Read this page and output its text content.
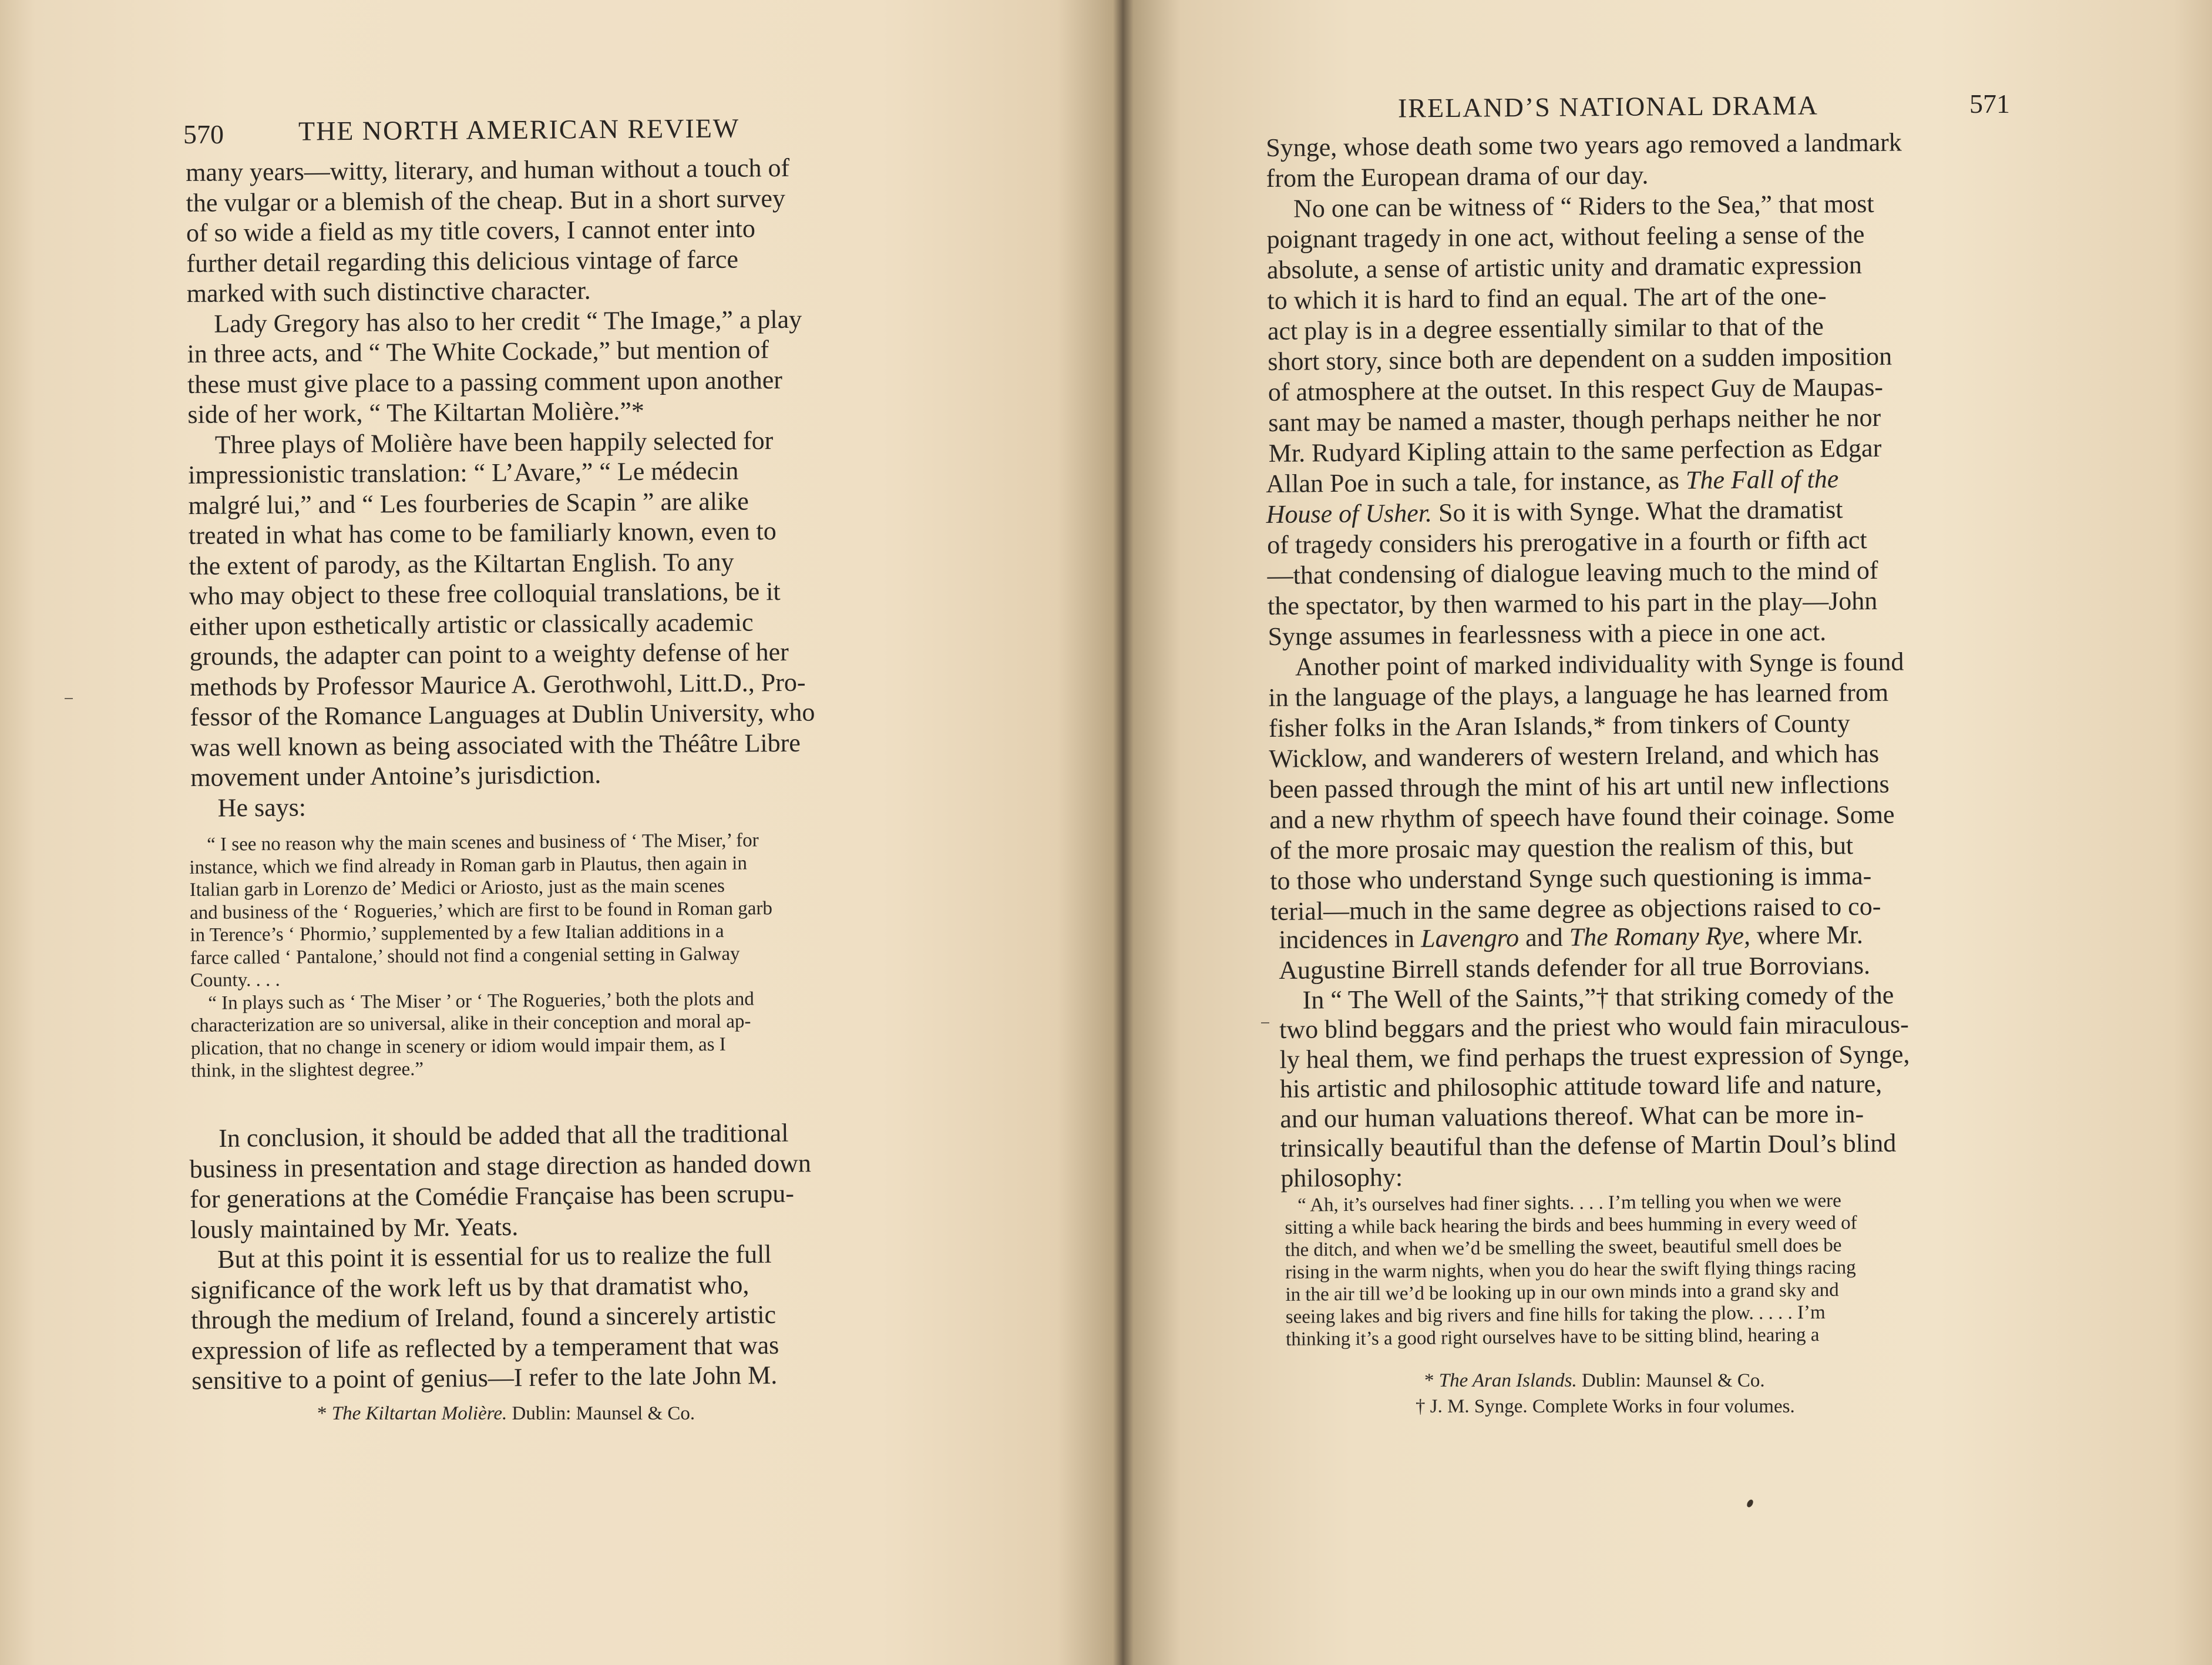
570	THE NORTH AMERICAN REVIEW
many years—witty, literary, and human without a touch of
the vulgar or a blemish of the cheap. But in a short survey
of so wide a field as my title covers, I cannot enter into
further detail regarding this delicious vintage of farce
marked with such distinctive character.
Lady Gregory has also to her credit “ The Image,” a play
in three acts, and “ The White Cockade,” but mention of
these must give place to a passing comment upon another
side of her work, “ The Kiltartan Molière.”*
Three plays of Molière have been happily selected for
impressionistic translation: “ L’Avare,” “ Le médecin
malgré lui,” and “ Les fourberies de Scapin ” are alike
treated in what has come to be familiarly known, even to
the extent of parody, as the Kiltartan English. To any
who may object to these free colloquial translations, be it
either upon esthetically artistic or classically academic
grounds, the adapter can point to a weighty defense of her
methods by Professor Maurice A. Gerothwohl, Litt.D., Pro-
fessor of the Romance Languages at Dublin University, who
was well known as being associated with the Théâtre Libre
movement under Antoine’s jurisdiction.
He says:
“ I see no reason why the main scenes and business of ‘ The Miser,’ for
instance, which we find already in Roman garb in Plautus, then again in
Italian garb in Lorenzo de’ Medici or Ariosto, just as the main scenes
and business of the ‘ Rogueries,’ which are first to be found in Roman garb
in Terence’s ‘ Phormio,’ supplemented by a few Italian additions in a
farce called ‘ Pantalone,’ should not find a congenial setting in Galway
County. . . .
“ In plays such as ‘ The Miser ’ or ‘ The Rogueries,’ both the plots and
characterization are so universal, alike in their conception and moral ap-
plication, that no change in scenery or idiom would impair them, as I
think, in the slightest degree.”
In conclusion, it should be added that all the traditional
business in presentation and stage direction as handed down
for generations at the Comédie Française has been scrupu-
lously maintained by Mr. Yeats.
But at this point it is essential for us to realize the full
significance of the work left us by that dramatist who,
through the medium of Ireland, found a sincerely artistic
expression of life as reflected by a temperament that was
sensitive to a point of genius—I refer to the late John M.
* The Kiltartan Molière. Dublin: Maunsel & Co.
IRELAND’S NATIONAL DRAMA	571
Synge, whose death some two years ago removed a landmark
from the European drama of our day.
No one can be witness of “ Riders to the Sea,” that most
poignant tragedy in one act, without feeling a sense of the
absolute, a sense of artistic unity and dramatic expression
to which it is hard to find an equal. The art of the one-
act play is in a degree essentially similar to that of the
short story, since both are dependent on a sudden imposition
of atmosphere at the outset. In this respect Guy de Maupas-
sant may be named a master, though perhaps neither he nor
Mr. Rudyard Kipling attain to the same perfection as Edgar
Allan Poe in such a tale, for instance, as The Fall of the
House of Usher. So it is with Synge. What the dramatist
of tragedy considers his prerogative in a fourth or fifth act
—that condensing of dialogue leaving much to the mind of
the spectator, by then warmed to his part in the play—John
Synge assumes in fearlessness with a piece in one act.
Another point of marked individuality with Synge is found
in the language of the plays, a language he has learned from
fisher folks in the Aran Islands,* from tinkers of County
Wicklow, and wanderers of western Ireland, and which has
been passed through the mint of his art until new inflections
and a new rhythm of speech have found their coinage. Some
of the more prosaic may question the realism of this, but
to those who understand Synge such questioning is imma-
terial—much in the same degree as objections raised to co-
incidences in Lavengro and The Romany Rye, where Mr.
Augustine Birrell stands defender for all true Borrovians.
In “ The Well of the Saints,”† that striking comedy of the
two blind beggars and the priest who would fain miraculous-
ly heal them, we find perhaps the truest expression of Synge,
his artistic and philosophic attitude toward life and nature,
and our human valuations thereof. What can be more in-
trinsically beautiful than the defense of Martin Doul’s blind
philosophy:
“ Ah, it’s ourselves had finer sights. . . . I’m telling you when we were
sitting a while back hearing the birds and bees humming in every weed of
the ditch, and when we’d be smelling the sweet, beautiful smell does be
rising in the warm nights, when you do hear the swift flying things racing
in the air till we’d be looking up in our own minds into a grand sky and
seeing lakes and big rivers and fine hills for taking the plow. . . . . I’m
thinking it’s a good right ourselves have to be sitting blind, hearing a
* The Aran Islands. Dublin: Maunsel & Co.
† J. M. Synge. Complete Works in four volumes.
